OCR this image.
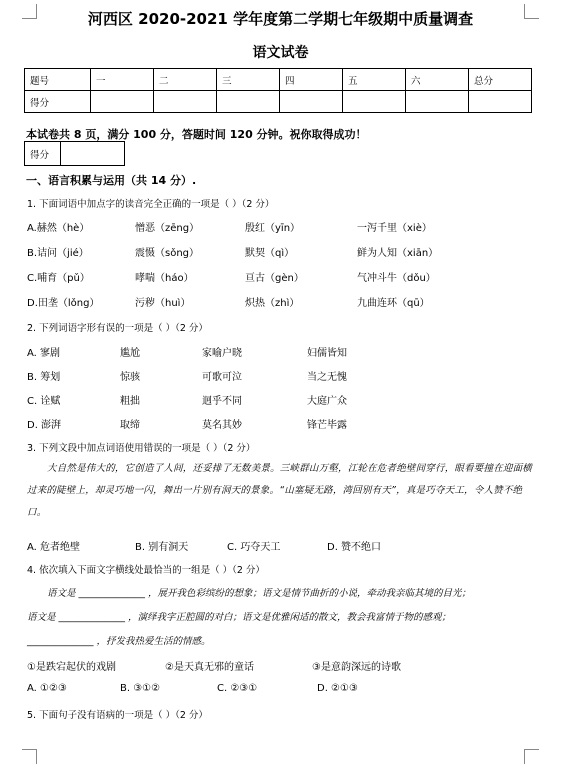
河西区 2020-2021 学年度第二学期七年级期中质量调查
语文试卷
题号	一	二	三	四	五	六	总分
得分							
本试卷共 8 页，满分 100 分，答题时间 120 分钟。祝你取得成功！
得分	
一、语言积累与运用（共 14 分）.
1. 下面词语中加点字的读音完全正确的一项是（ ）（2 分）
A.赫然（hè）	憎恶（zēng）	殷红（yīn）	一泻千里（xiè）
B.诘问（jié）	震慑（sǒng）	默契（qì）	鲜为人知（xiān）
C.哺育（pǔ）	哮喘（háo）	亘古（gèn）	气冲斗牛（dǒu）
D.田垄（lǒng）	污秽（huì）	炽热（zhì）	九曲连环（qū）
2. 下列词语字形有误的一项是（ ）（2 分）
A. 寥剧	尴尬	家喻户晓	妇儒皆知
B. 筹划	惊骇	可歌可泣	当之无愧
C. 诠赋	粗拙	迥乎不同	大庭广众
D. 澎湃	取缔	莫名其妙	锋芒毕露
3. 下列文段中加点词语使用错误的一项是（ ）（2 分）
大自然是伟大的，它创造了人间，还妥排了无数美景。三峡群山万壑，江轮在危者绝壁间穿行，眼看要撞在迎面横过来的陡壁上，却灵巧地一闪，舞出一片别有洞天的景象。“山塞疑无路，湾回别有天”，真是巧夺天工，令人赞不绝口。
A. 危者绝壁	B. 别有洞天	C. 巧夺天工	D. 赞不绝口
4. 依次填入下面文字横线处最恰当的一组是（ ）（2 分）
语文是 ______________ ，展开我色彩缤纷的想象；语文是情节曲折的小说，牵动我亲临其境的目光；
语文是 ______________ ，演绎我字正腔圆的对白；语文是优雅闲适的散文，教会我富情于物的感观；
______________ ，抒发我热爱生活的情感。
①是跌宕起伏的戏剧	②是天真无邪的童话	③是意韵深远的诗歌
A. ①②③	B. ③①②	C. ②③①	D. ②①③
5. 下面句子没有语病的一项是（ ）（2 分）
